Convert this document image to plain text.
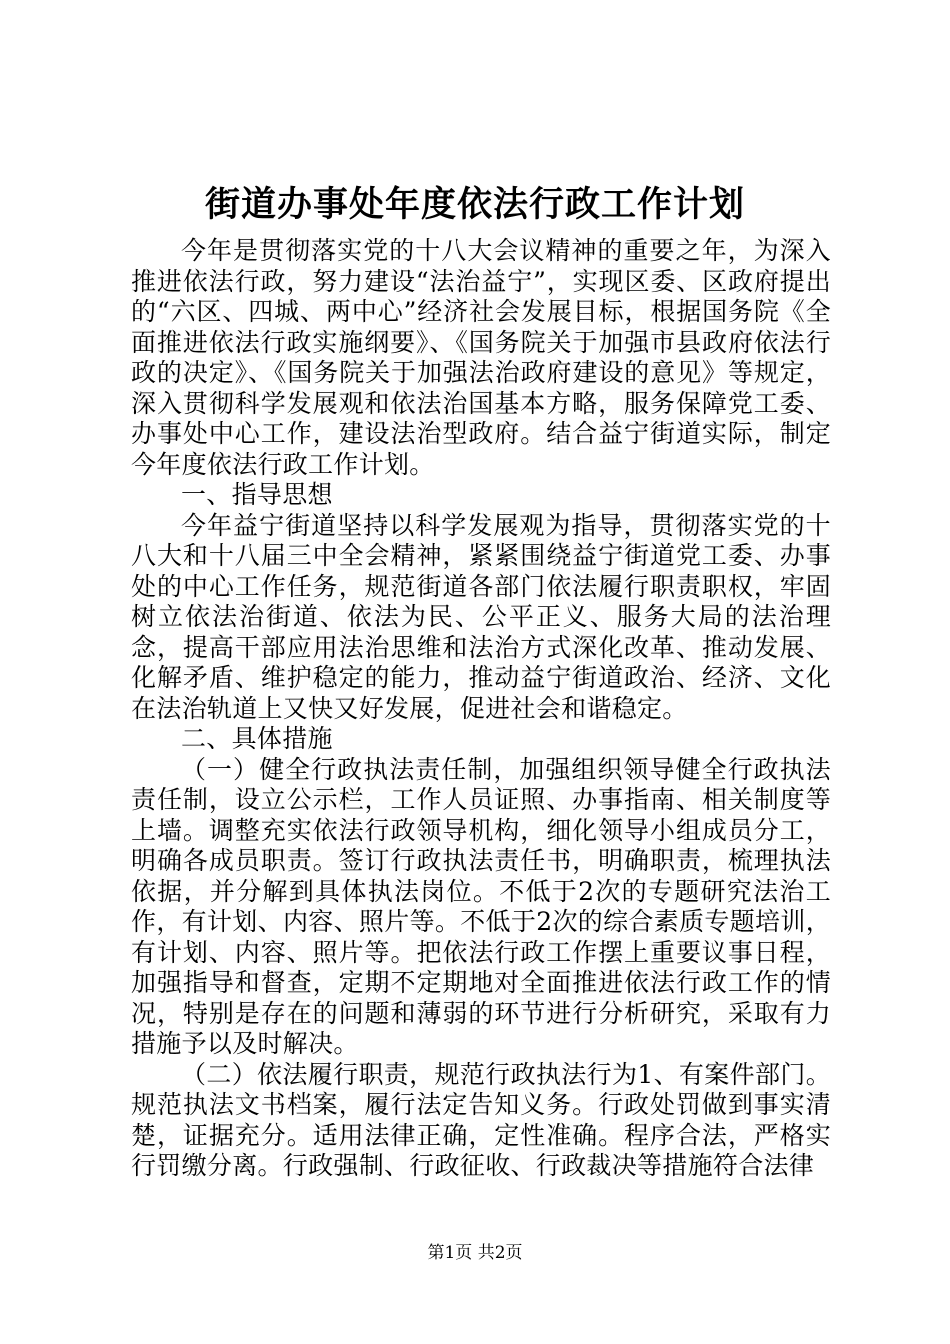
街道办事处年度依法行政工作计划

今年是贯彻落实党的十八大会议精神的重要之年，为深入推进依法行政，努力建设“法治益宁”，实现区委、区政府提出的“六区、四城、两中心”经济社会发展目标，根据国务院《全面推进依法行政实施纲要》、《国务院关于加强市县政府依法行政的决定》、《国务院关于加强法治政府建设的意见》等规定，深入贯彻科学发展观和依法治国基本方略，服务保障党工委、办事处中心工作，建设法治型政府。结合益宁街道实际，制定今年度依法行政工作计划。

一、指导思想

今年益宁街道坚持以科学发展观为指导，贯彻落实党的十八大和十八届三中全会精神，紧紧围绕益宁街道党工委、办事处的中心工作任务，规范街道各部门依法履行职责职权，牢固树立依法治街道、依法为民、公平正义、服务大局的法治理念，提高干部应用法治思维和法治方式深化改革、推动发展、化解矛盾、维护稳定的能力，推动益宁街道政治、经济、文化在法治轨道上又快又好发展，促进社会和谐稳定。

二、具体措施

（一）健全行政执法责任制，加强组织领导健全行政执法责任制，设立公示栏，工作人员证照、办事指南、相关制度等上墙。调整充实依法行政领导机构，细化领导小组成员分工，明确各成员职责。签订行政执法责任书，明确职责，梳理执法依据，并分解到具体执法岗位。不低于2次的专题研究法治工作，有计划、内容、照片等。不低于2次的综合素质专题培训，有计划、内容、照片等。把依法行政工作摆上重要议事日程，加强指导和督查，定期不定期地对全面推进依法行政工作的情况，特别是存在的问题和薄弱的环节进行分析研究，采取有力措施予以及时解决。

（二）依法履行职责，规范行政执法行为1、有案件部门。规范执法文书档案，履行法定告知义务。行政处罚做到事实清楚，证据充分。适用法律正确，定性准确。程序合法，严格实行罚缴分离。行政强制、行政征收、行政裁决等措施符合法律

第1页 共2页
